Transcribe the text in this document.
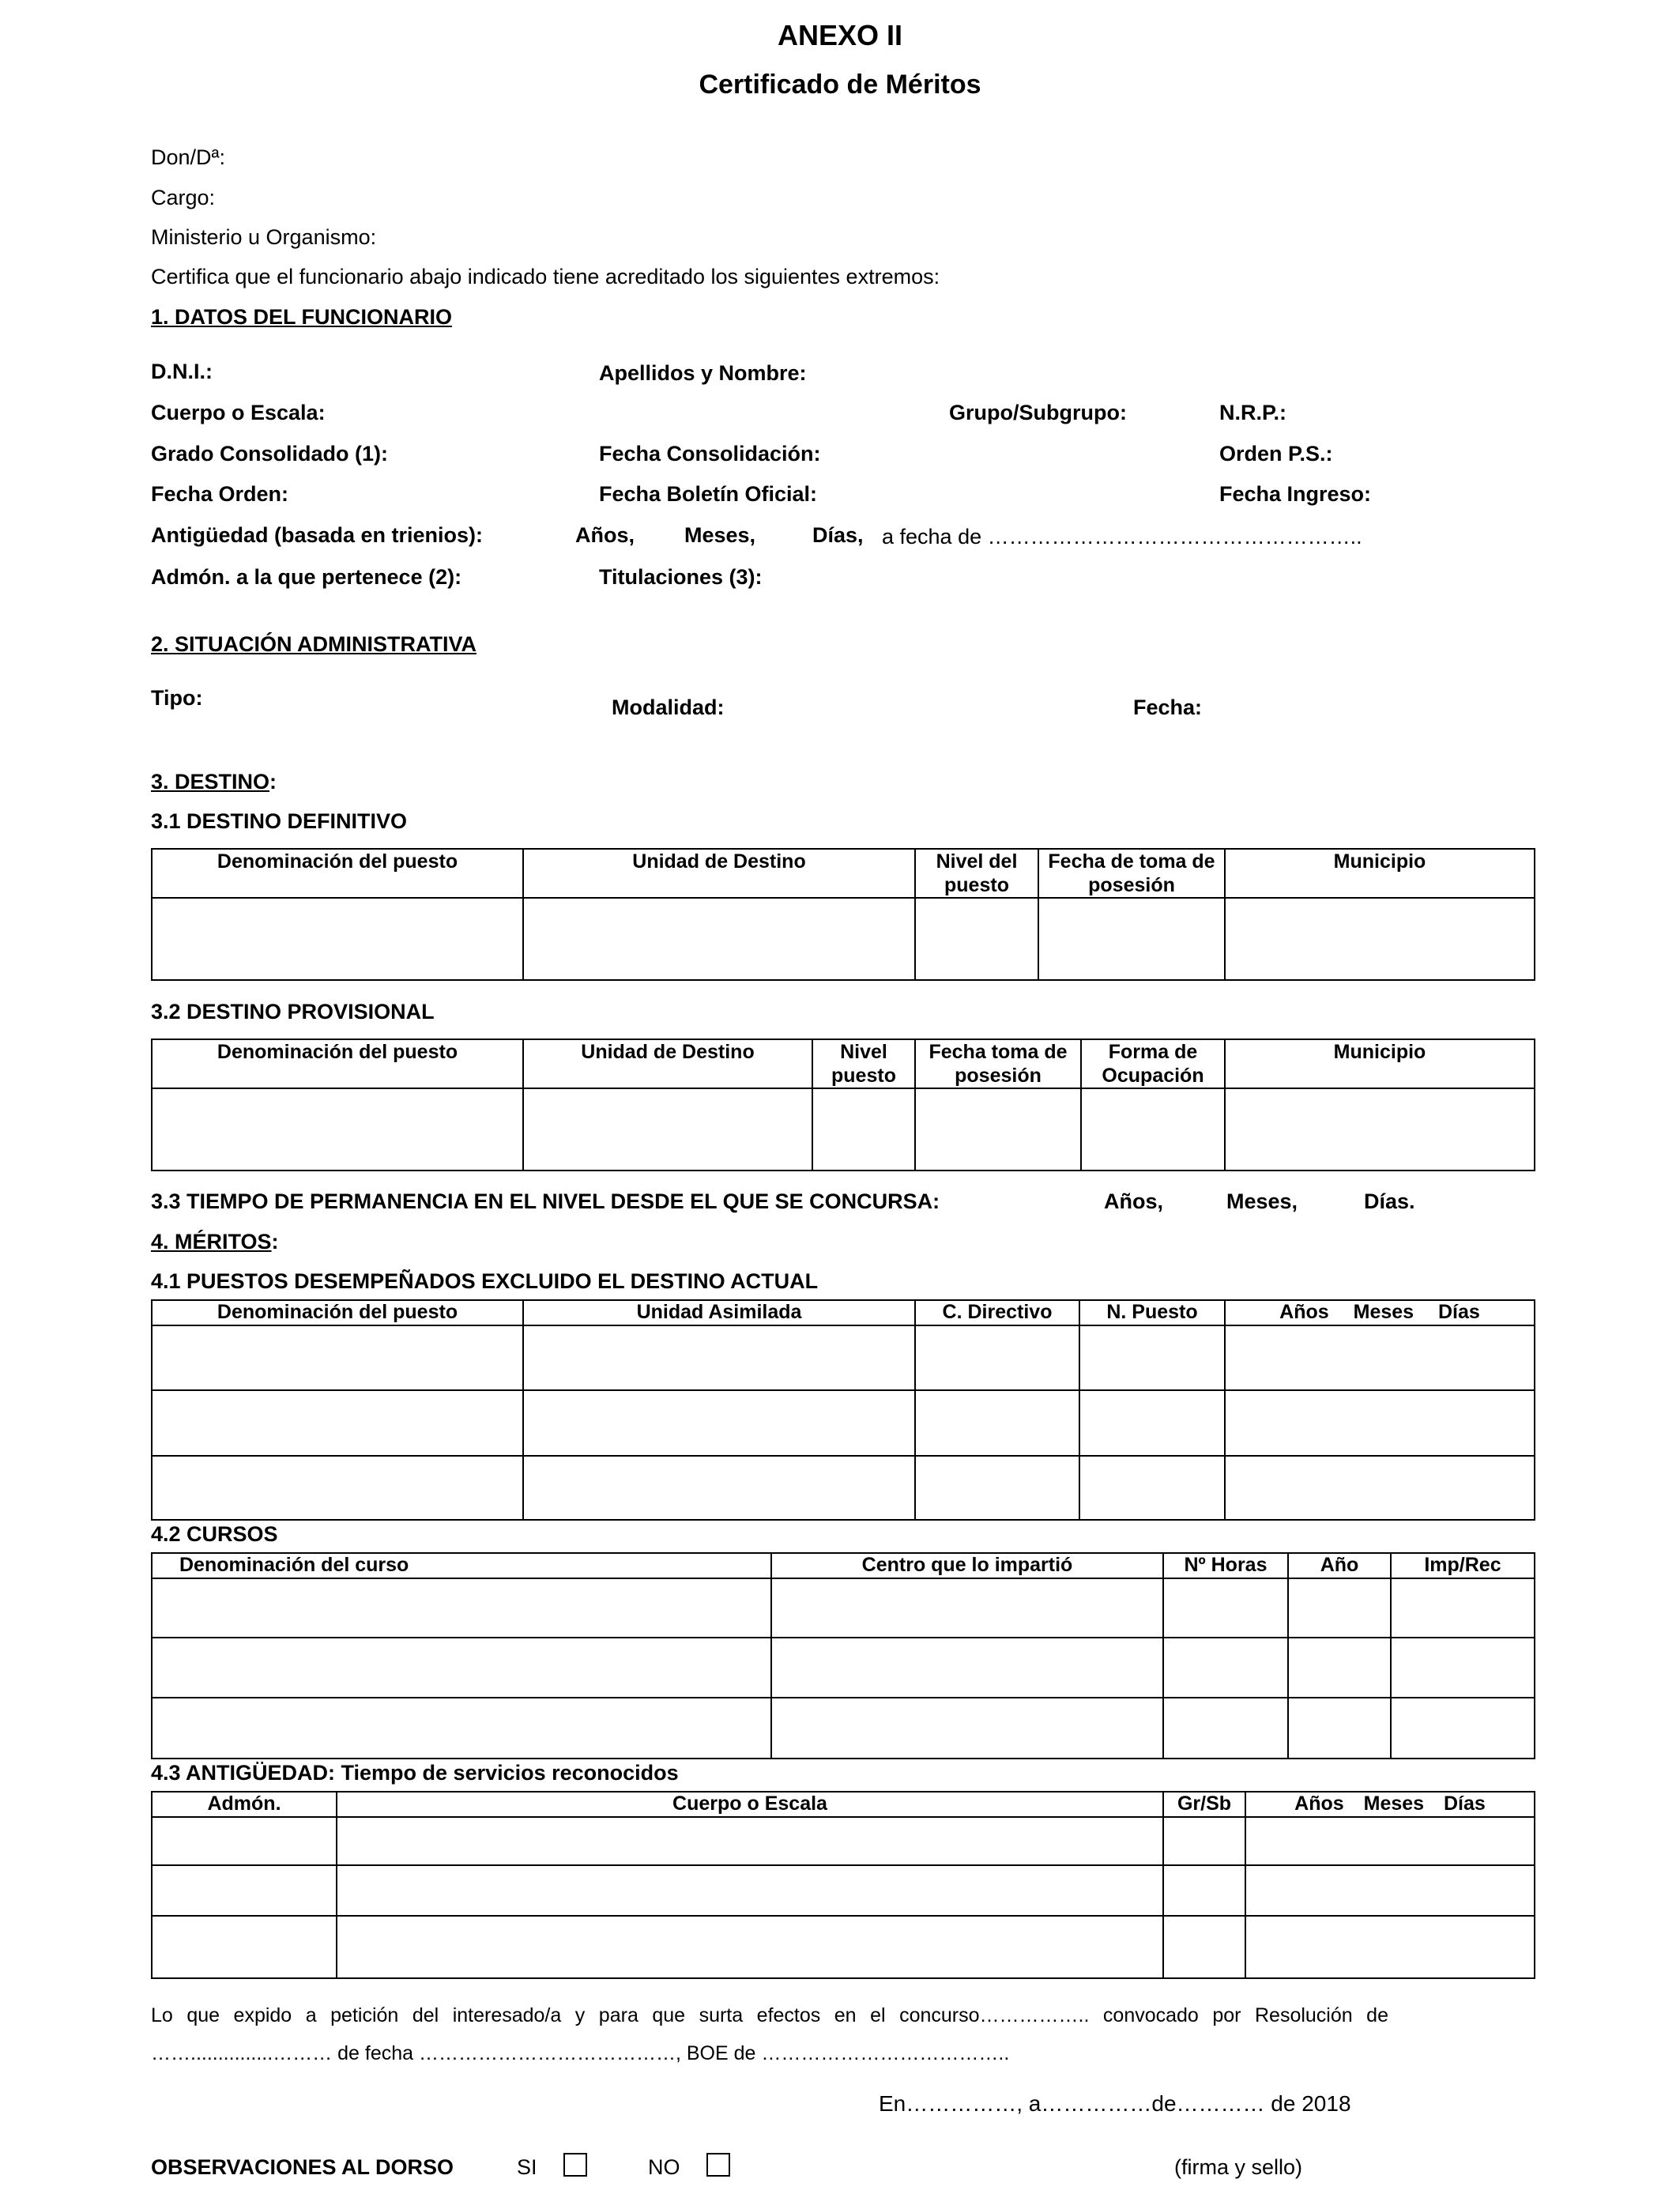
ANEXO II
Certificado de Méritos
Don/Dª:
Cargo:
Ministerio u Organismo:
Certifica que el funcionario abajo indicado tiene acreditado los siguientes extremos:
1. DATOS DEL FUNCIONARIO
D.N.I.:	Apellidos y Nombre:
Cuerpo o Escala:	Grupo/Subgrupo:	N.R.P.:
Grado Consolidado (1):	Fecha Consolidación:	Orden P.S.:
Fecha Orden:	Fecha Boletín Oficial:	Fecha Ingreso:
Antigüedad (basada en trienios):	Años, Meses,	Días, a fecha de ……………………………………………..
Admón. a la que pertenece (2):	Titulaciones (3):
2. SITUACIÓN ADMINISTRATIVA
Tipo:	Modalidad:	Fecha:
3. DESTINO:
3.1 DESTINO DEFINITIVO
Denominación del puesto	Unidad de Destino	Nivel del puesto	Fecha de toma de posesión	Municipio

3.2 DESTINO PROVISIONAL
Denominación del puesto	Unidad de Destino	Nivel puesto	Fecha toma de posesión	Forma de Ocupación	Municipio

3.3 TIEMPO DE PERMANENCIA EN EL NIVEL DESDE EL QUE SE CONCURSA:	Años,	Meses,	Días.
4. MÉRITOS:
4.1 PUESTOS DESEMPEÑADOS EXCLUIDO EL DESTINO ACTUAL
Denominación del puesto	Unidad Asimilada	C. Directivo	N. Puesto	Años Meses Días

4.2 CURSOS
Denominación del curso	Centro que lo impartió	Nº Horas	Año	Imp/Rec

4.3 ANTIGÜEDAD: Tiempo de servicios reconocidos
Admón.	Cuerpo o Escala	Gr/Sb	Años Meses Días

Lo que expido a petición del interesado/a y para que surta efectos en el concurso…………….. convocado por Resolución de
……...............……… de fecha …………………………………, BOE de ………………………………..
En……………, a……………de………… de 2018
OBSERVACIONES AL DORSO	SI	NO	(firma y sello)
